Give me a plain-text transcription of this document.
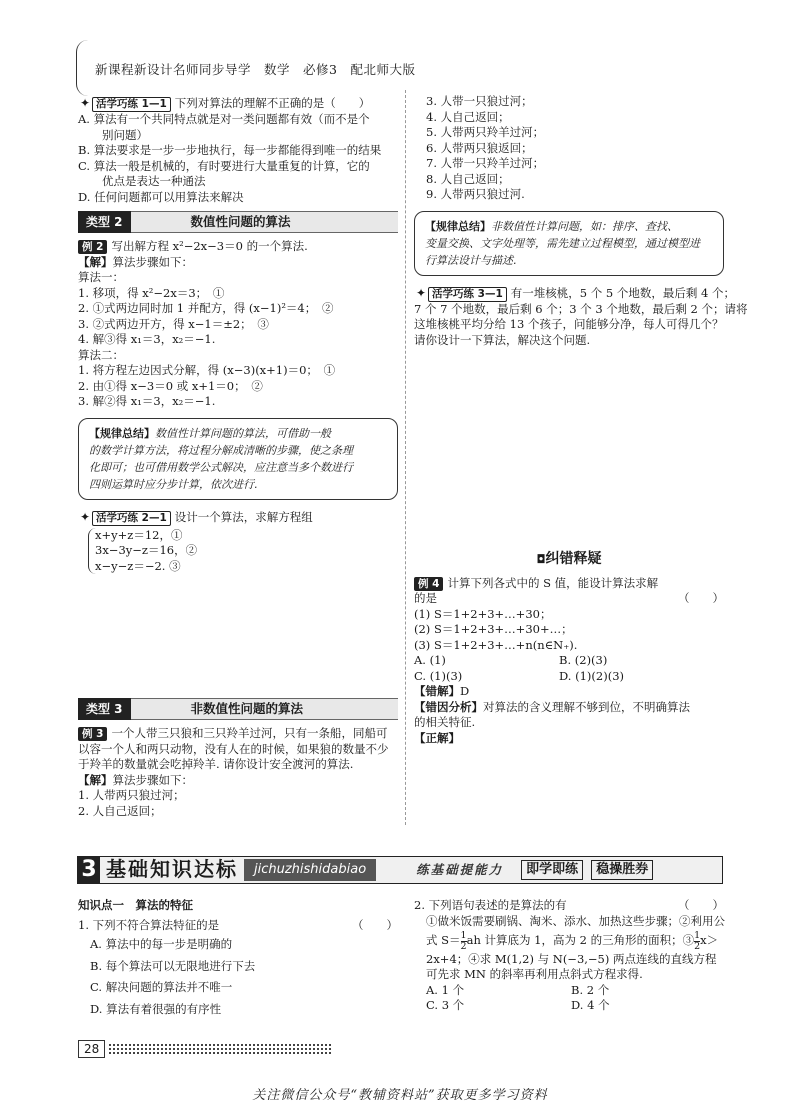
新课程新设计名师同步导学　数学　必修3　配北师大版

✦ 活学巧练 1—1 下列对算法的理解不正确的是（　　）

A. 算法有一个共同特点就是对一类问题都有效（而不是个

别问题）

B. 算法要求是一步一步地执行，每一步都能得到唯一的结果

C. 算法一般是机械的，有时要进行大量重复的计算，它的

优点是表达一种通法

D. 任何问题都可以用算法来解决

类型 2	数值性问题的算法

例 2 写出解方程 x²−2x−3＝0 的一个算法.

【解】算法步骤如下：

算法一：

1. 移项，得 x²−2x＝3；　①

2. ①式两边同时加 1 并配方，得 (x−1)²＝4；　②

3. ②式两边开方，得 x−1＝±2；　③

4. 解③得 x₁＝3，x₂＝−1.

算法二：

1. 将方程左边因式分解，得 (x−3)(x+1)＝0；　①

2. 由①得 x−3＝0 或 x+1＝0；　②

3. 解②得 x₁＝3，x₂＝−1.

【规律总结】数值性计算问题的算法，可借助一般

的数学计算方法，将过程分解成清晰的步骤，使之条理

化即可；也可借用数学公式解决，应注意当多个数进行

四则运算时应分步计算，依次进行.

✦ 活学巧练 2—1 设计一个算法，求解方程组

x+y+z＝12，①

3x−3y−z＝16，②

x−y−z＝−2. ③

类型 3	非数值性问题的算法

例 3 一个人带三只狼和三只羚羊过河，只有一条船，同船可

以容一个人和两只动物，没有人在的时候，如果狼的数量不少

于羚羊的数量就会吃掉羚羊. 请你设计安全渡河的算法.

【解】算法步骤如下：

1. 人带两只狼过河；

2. 人自己返回；

3. 人带一只狼过河；

4. 人自己返回；

5. 人带两只羚羊过河；

6. 人带两只狼返回；

7. 人带一只羚羊过河；

8. 人自己返回；

9. 人带两只狼过河.

【规律总结】非数值性计算问题，如：排序、查找、

变量交换、文字处理等，需先建立过程模型，通过模型进

行算法设计与描述.

✦ 活学巧练 3—1 有一堆核桃，5 个 5 个地数，最后剩 4 个；

7 个 7 个地数，最后剩 6 个；3 个 3 个地数，最后剩 2 个；请将

这堆核桃平均分给 13 个孩子，问能够分净，每人可得几个？

请你设计一下算法，解决这个问题.

◘纠错释疑

例 4 计算下列各式中的 S 值，能设计算法求解

的是	（　　）

(1) S＝1+2+3+…+30；

(2) S＝1+2+3+…+30+…；

(3) S＝1+2+3+…+n(n∈N₊).

A. (1)	B. (2)(3)

C. (1)(3)	D. (1)(2)(3)

【错解】D

【错因分析】对算法的含义理解不够到位，不明确算法

的相关特征.

【正解】

3 基础知识达标	jichuzhishidabiao	练基础提能力	即学即练	稳操胜券

知识点一　算法的特征

1. 下列不符合算法特征的是	（　　）

A. 算法中的每一步是明确的

B. 每个算法可以无限地进行下去

C. 解决问题的算法并不唯一

D. 算法有着很强的有序性

2. 下列语句表述的是算法的有	（　　）

①做米饭需要刷锅、淘米、添水、加热这些步骤；②利用公

式 $S= \frac{1}{2}$ ah 计算底为 1，高为 2 的三角形的面积；③ $\frac{1}{2} x>$

2x+4；④求 M(1,2) 与 N(−3,−5) 两点连线的直线方程

可先求 MN 的斜率再利用点斜式方程求得.

A. 1 个	B. 2 个

C. 3 个	D. 4 个

28

关注微信公众号“教辅资料站”获取更多学习资料
